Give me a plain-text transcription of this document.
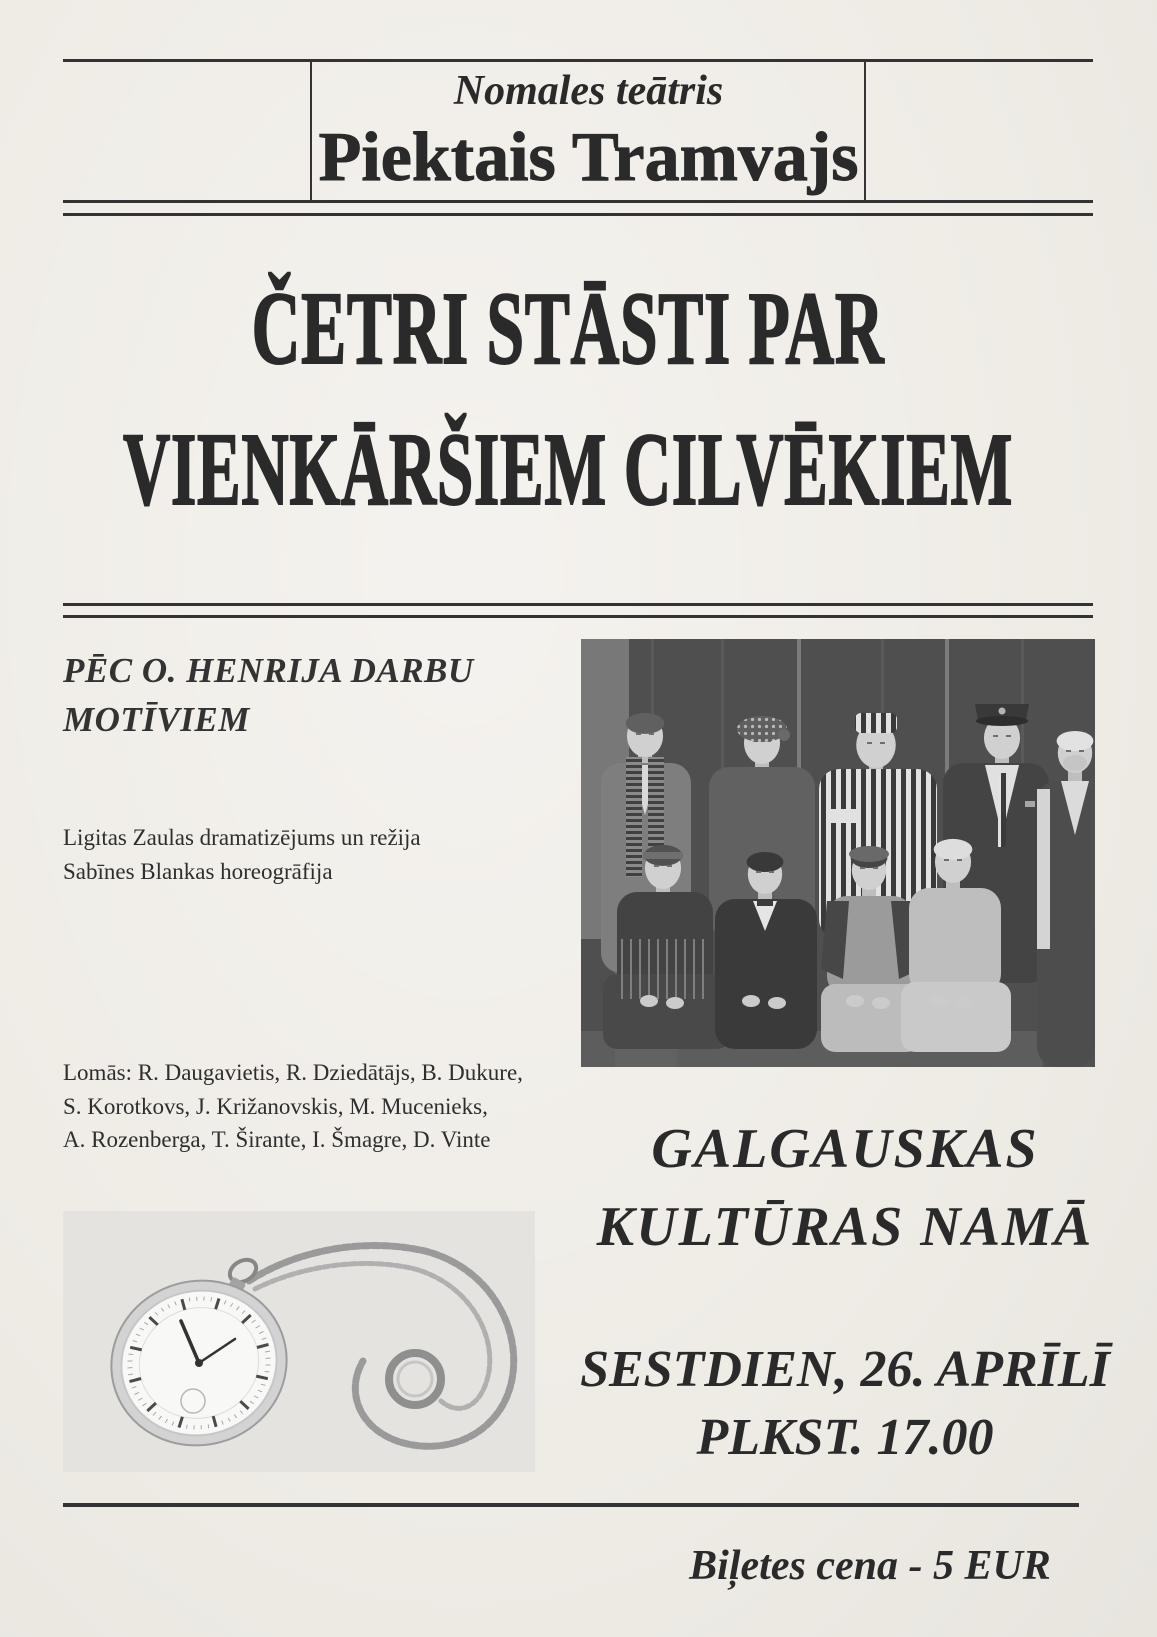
Nomales teātris

Piektais Tramvajs

ČETRI STĀSTI PAR

VIENKĀRŠIEM CILVĒKIEM

PĒC O. HENRIJA DARBU

MOTĪVIEM

Ligitas Zaulas dramatizējums un režija

Sabīnes Blankas horeogrāfija

Lomās: R. Daugavietis, R. Dziedātājs, B. Dukure,

S. Korotkovs, J. Križanovskis, M. Mucenieks,

A. Rozenberga, T. Širante, I. Šmagre, D. Vinte	GALGAUSKAS

KULTŪRAS NAMĀ

SESTDIEN, 26. APRĪLĪ

PLKST. 17.00

Biļetes cena - 5 EUR
